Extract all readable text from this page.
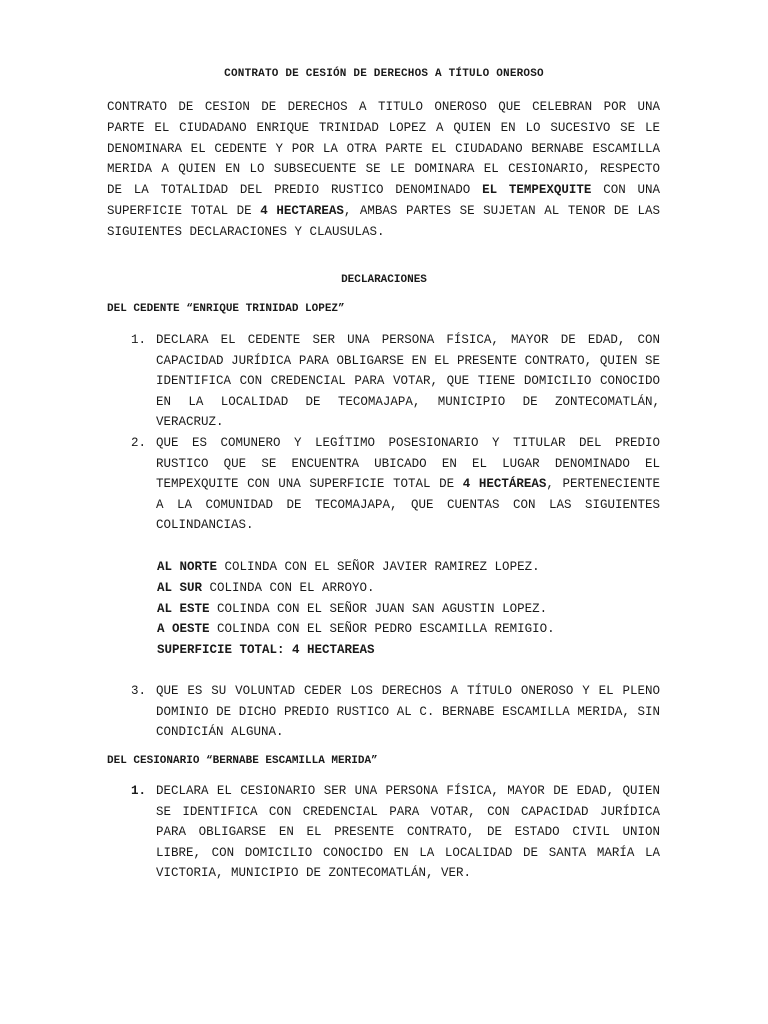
CONTRATO DE CESIÓN DE DERECHOS A TÍTULO ONEROSO
CONTRATO DE CESION DE DERECHOS A TITULO ONEROSO QUE CELEBRAN POR UNA PARTE EL CIUDADANO ENRIQUE TRINIDAD LOPEZ A QUIEN EN LO SUCESIVO SE LE DENOMINARA EL CEDENTE Y POR LA OTRA PARTE EL CIUDADANO BERNABE ESCAMILLA MERIDA A QUIEN EN LO SUBSECUENTE SE LE DOMINARA EL CESIONARIO, RESPECTO DE LA TOTALIDAD DEL PREDIO RUSTICO DENOMINADO EL TEMPEXQUITE CON UNA SUPERFICIE TOTAL DE 4 HECTAREAS, AMBAS PARTES SE SUJETAN AL TENOR DE LAS SIGUIENTES DECLARACIONES Y CLAUSULAS.
DECLARACIONES
DEL CEDENTE “ENRIQUE TRINIDAD LOPEZ”
1. DECLARA EL CEDENTE SER UNA PERSONA FÍSICA, MAYOR DE EDAD, CON CAPACIDAD JURÍDICA PARA OBLIGARSE EN EL PRESENTE CONTRATO, QUIEN SE IDENTIFICA CON CREDENCIAL PARA VOTAR, QUE TIENE DOMICILIO CONOCIDO EN LA LOCALIDAD DE TECOMAJAPA, MUNICIPIO DE ZONTECOMATLÁN, VERACRUZ.
2. QUE ES COMUNERO Y LEGÍTIMO POSESIONARIO Y TITULAR DEL PREDIO RUSTICO QUE SE ENCUENTRA UBICADO EN EL LUGAR DENOMINADO EL TEMPEXQUITE CON UNA SUPERFICIE TOTAL DE 4 HECTÁREAS, PERTENECIENTE A LA COMUNIDAD DE TECOMAJAPA, QUE CUENTAS CON LAS SIGUIENTES COLINDANCIAS.
AL NORTE COLINDA CON EL SEÑOR JAVIER RAMIREZ LOPEZ.
AL SUR COLINDA CON EL ARROYO.
AL ESTE COLINDA CON EL SEÑOR JUAN SAN AGUSTIN LOPEZ.
A OESTE COLINDA CON EL SEÑOR PEDRO ESCAMILLA REMIGIO.
SUPERFICIE TOTAL: 4 HECTAREAS
3. QUE ES SU VOLUNTAD CEDER LOS DERECHOS A TÍTULO ONEROSO Y EL PLENO DOMINIO DE DICHO PREDIO RUSTICO AL C. BERNABE ESCAMILLA MERIDA, SIN CONDICIÁN ALGUNA.
DEL CESIONARIO “BERNABE ESCAMILLA MERIDA”
1. DECLARA EL CESIONARIO SER UNA PERSONA FÍSICA, MAYOR DE EDAD, QUIEN SE IDENTIFICA CON CREDENCIAL PARA VOTAR, CON CAPACIDAD JURÍDICA PARA OBLIGARSE EN EL PRESENTE CONTRATO, DE ESTADO CIVIL UNION LIBRE, CON DOMICILIO CONOCIDO EN LA LOCALIDAD DE SANTA MARÍA LA VICTORIA, MUNICIPIO DE ZONTECOMATLÁN, VER.
